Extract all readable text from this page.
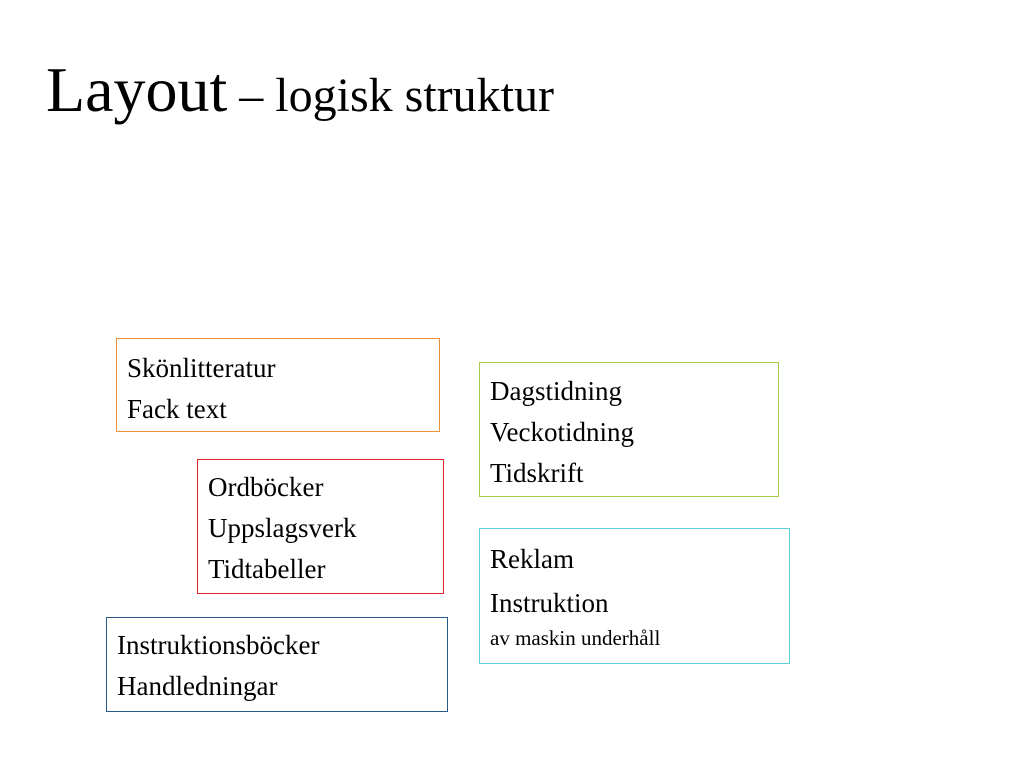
Layout – logisk struktur
Skönlitteratur
Fack text
Dagstidning
Veckotidning
Tidskrift
Ordböcker
Uppslagsverk
Tidtabeller	Reklam
Instruktion
av maskin underhåll
Instruktionsböcker
Handledningar
